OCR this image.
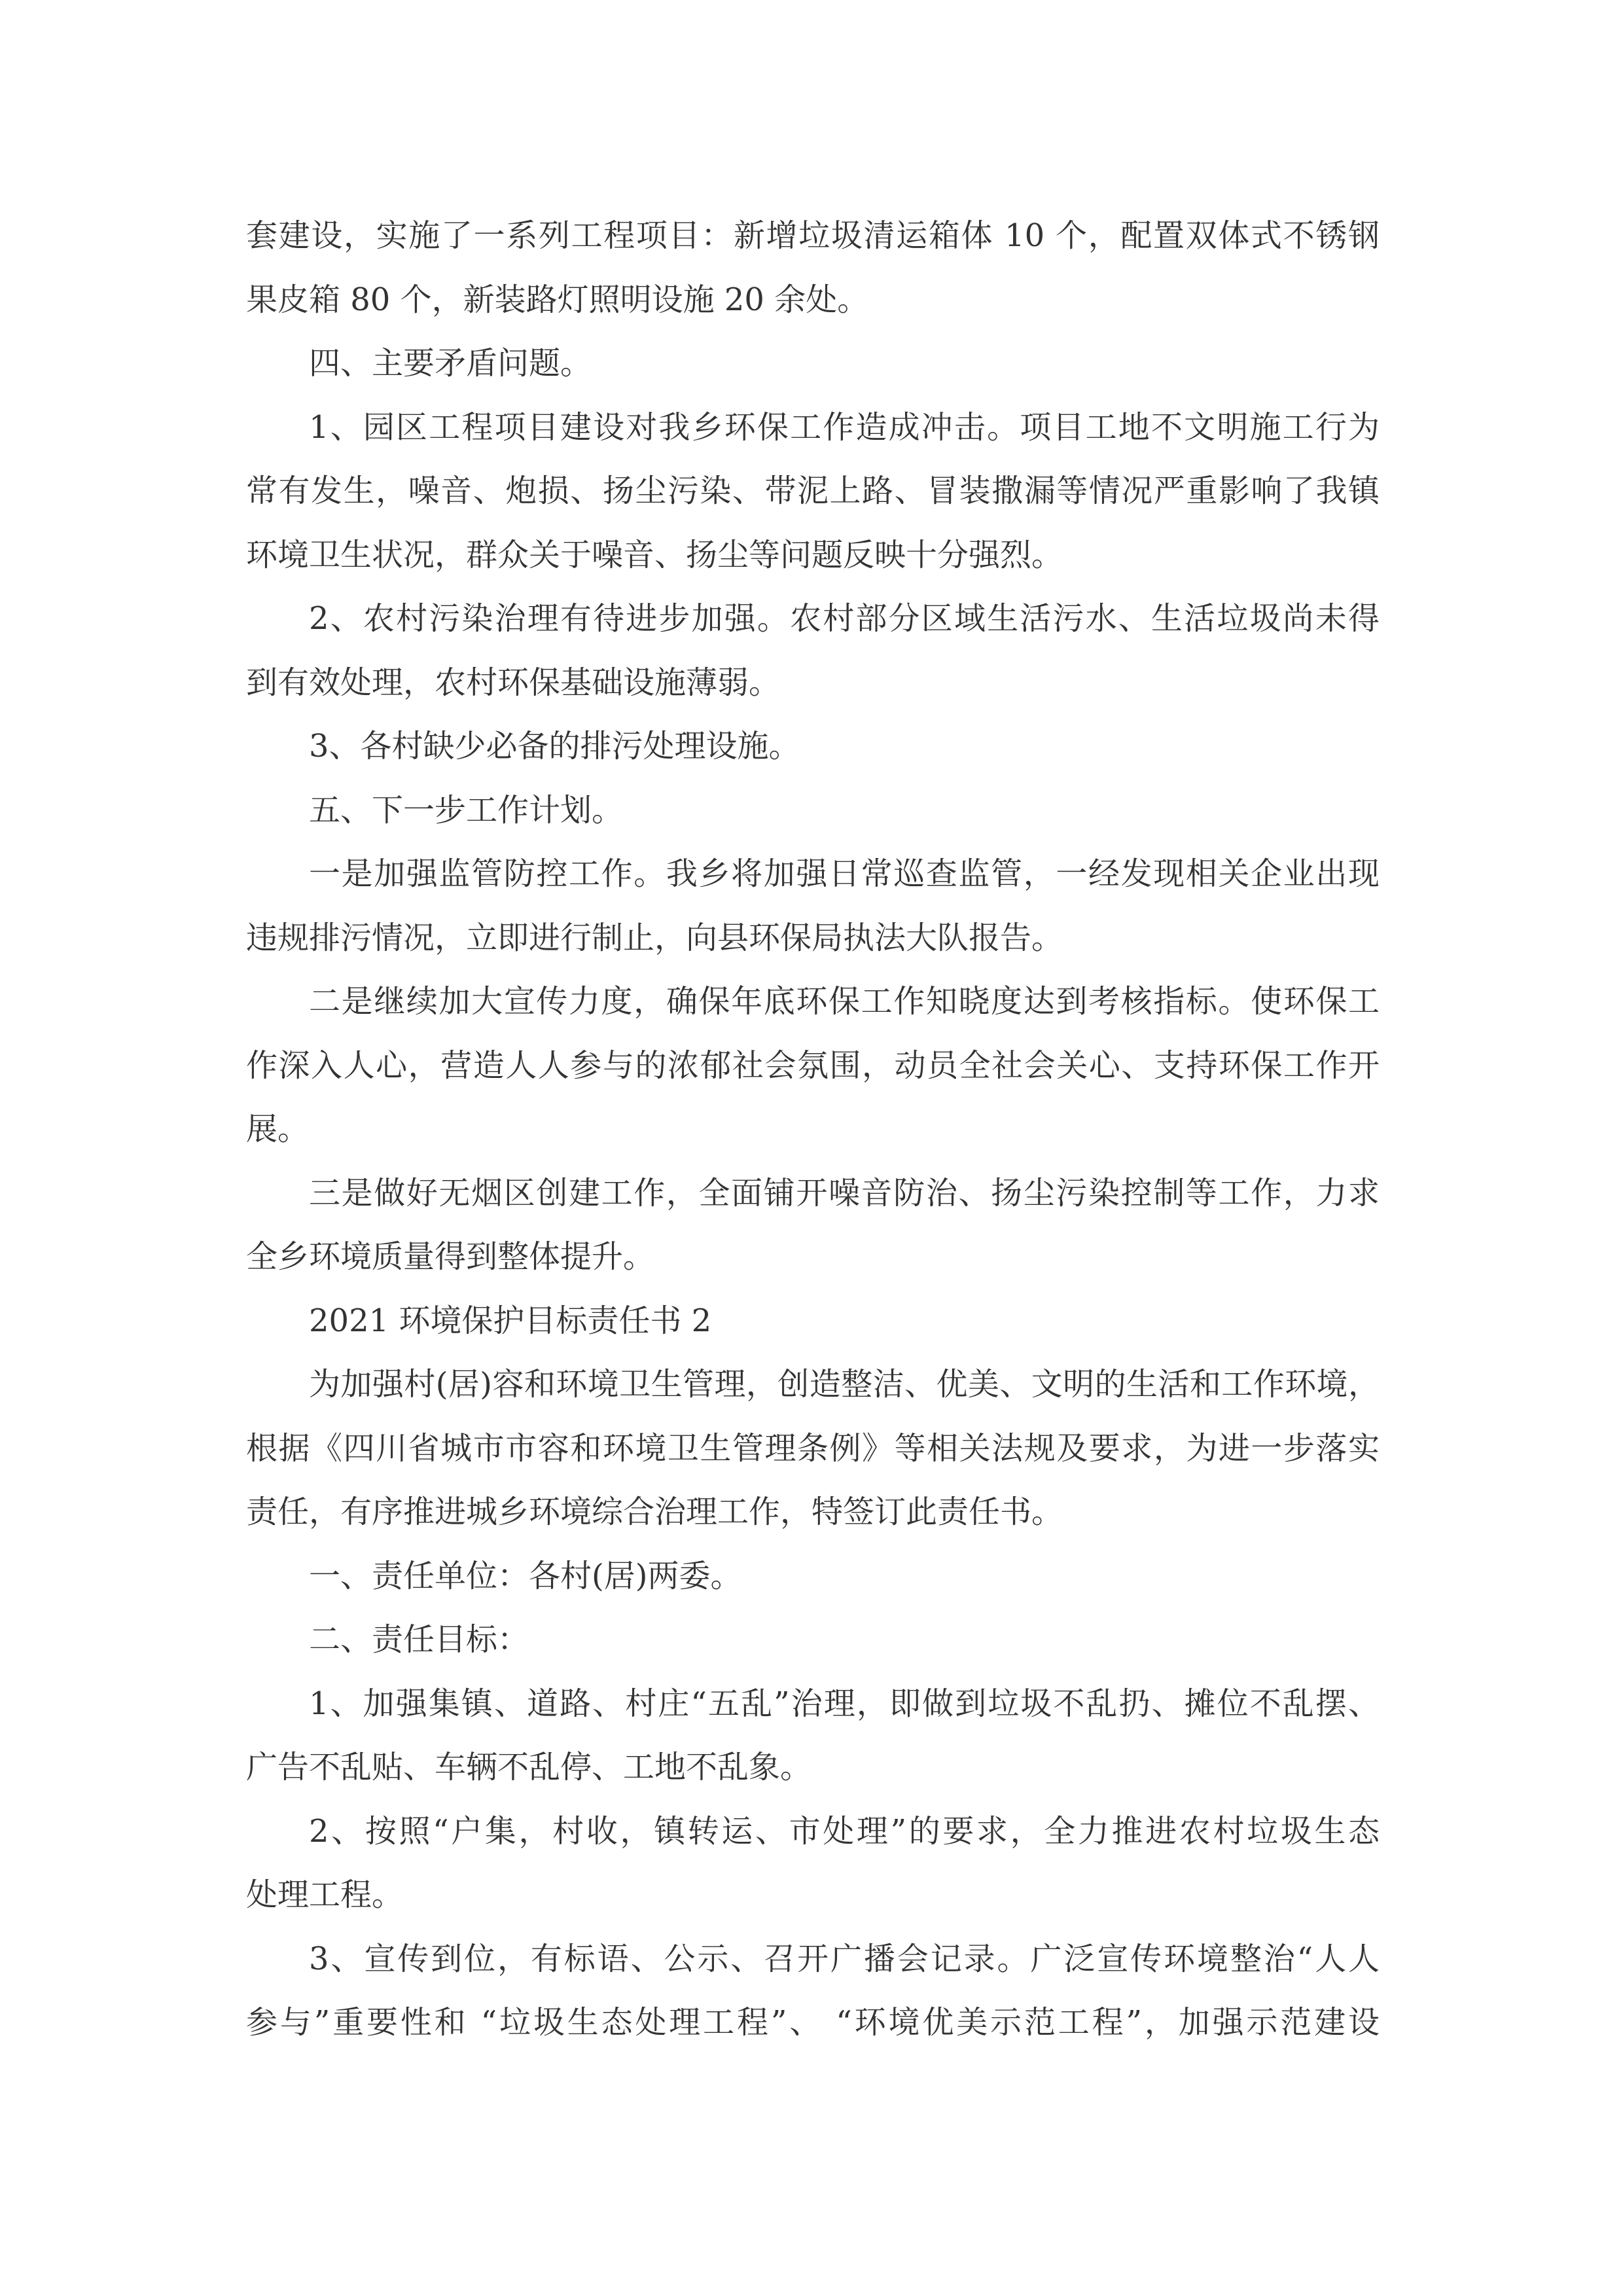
套建设，实施了一系列工程项目：新增垃圾清运箱体 10 个，配置双体式不锈钢
果皮箱 80 个，新装路灯照明设施 20 余处。
四、主要矛盾问题。
1、园区工程项目建设对我乡环保工作造成冲击。项目工地不文明施工行为
常有发生，噪音、炮损、扬尘污染、带泥上路、冒装撒漏等情况严重影响了我镇
环境卫生状况，群众关于噪音、扬尘等问题反映十分强烈。
2、农村污染治理有待进步加强。农村部分区域生活污水、生活垃圾尚未得
到有效处理，农村环保基础设施薄弱。
3、各村缺少必备的排污处理设施。
五、下一步工作计划。
一是加强监管防控工作。我乡将加强日常巡查监管，一经发现相关企业出现
违规排污情况，立即进行制止，向县环保局执法大队报告。
二是继续加大宣传力度，确保年底环保工作知晓度达到考核指标。使环保工
作深入人心，营造人人参与的浓郁社会氛围，动员全社会关心、支持环保工作开
展。
三是做好无烟区创建工作，全面铺开噪音防治、扬尘污染控制等工作，力求
全乡环境质量得到整体提升。
2021 环境保护目标责任书 2
为加强村(居)容和环境卫生管理，创造整洁、优美、文明的生活和工作环境，
根据《四川省城市市容和环境卫生管理条例》等相关法规及要求，为进一步落实
责任，有序推进城乡环境综合治理工作，特签订此责任书。
一、责任单位：各村(居)两委。
二、责任目标：
1、加强集镇、道路、村庄“五乱”治理，即做到垃圾不乱扔、摊位不乱摆、
广告不乱贴、车辆不乱停、工地不乱象。
2、按照“户集，村收，镇转运、市处理”的要求，全力推进农村垃圾生态
处理工程。
3、宣传到位，有标语、公示、召开广播会记录。广泛宣传环境整治“人人
参与”重要性和 “垃圾生态处理工程”、 “环境优美示范工程”，加强示范建设
